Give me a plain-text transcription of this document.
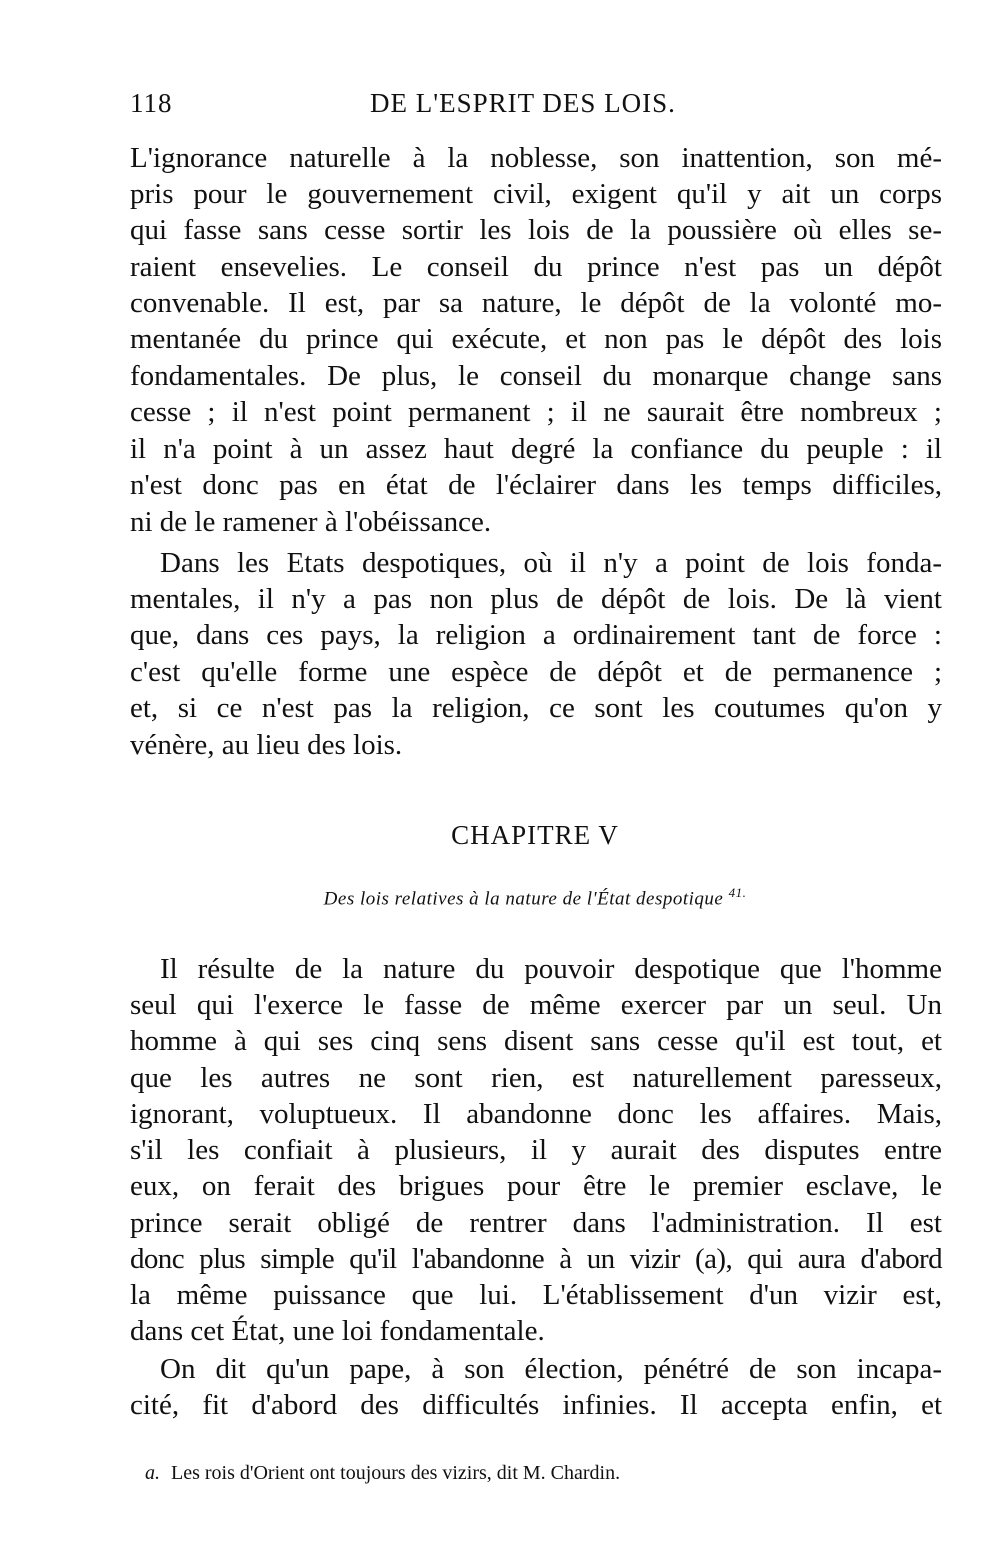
118	DE L'ESPRIT DES LOIS.
L'ignorance naturelle à la noblesse, son inattention, son mé-
pris pour le gouvernement civil, exigent qu'il y ait un corps
qui fasse sans cesse sortir les lois de la poussière où elles se-
raient ensevelies. Le conseil du prince n'est pas un dépôt
convenable. Il est, par sa nature, le dépôt de la volonté mo-
mentanée du prince qui exécute, et non pas le dépôt des lois
fondamentales. De plus, le conseil du monarque change sans
cesse ; il n'est point permanent ; il ne saurait être nombreux ;
il n'a point à un assez haut degré la confiance du peuple : il
n'est donc pas en état de l'éclairer dans les temps difficiles,
ni de le ramener à l'obéissance.
Dans les Etats despotiques, où il n'y a point de lois fonda-
mentales, il n'y a pas non plus de dépôt de lois. De là vient
que, dans ces pays, la religion a ordinairement tant de force :
c'est qu'elle forme une espèce de dépôt et de permanence ;
et, si ce n'est pas la religion, ce sont les coutumes qu'on y
vénère, au lieu des lois.
CHAPITRE V
Des lois relatives à la nature de l'État despotique $^{41.}$
Il résulte de la nature du pouvoir despotique que l'homme
seul qui l'exerce le fasse de même exercer par un seul. Un
homme à qui ses cinq sens disent sans cesse qu'il est tout, et
que les autres ne sont rien, est naturellement paresseux,
ignorant, voluptueux. Il abandonne donc les affaires. Mais,
s'il les confiait à plusieurs, il y aurait des disputes entre
eux, on ferait des brigues pour être le premier esclave, le
prince serait obligé de rentrer dans l'administration. Il est
donc plus simple qu'il l'abandonne à un vizir (a), qui aura d'abord
la même puissance que lui. L'établissement d'un vizir est,
dans cet État, une loi fondamentale.
On dit qu'un pape, à son élection, pénétré de son incapa-
cité, fit d'abord des difficultés infinies. Il accepta enfin, et
a. Les rois d'Orient ont toujours des vizirs, dit M. Chardin.
